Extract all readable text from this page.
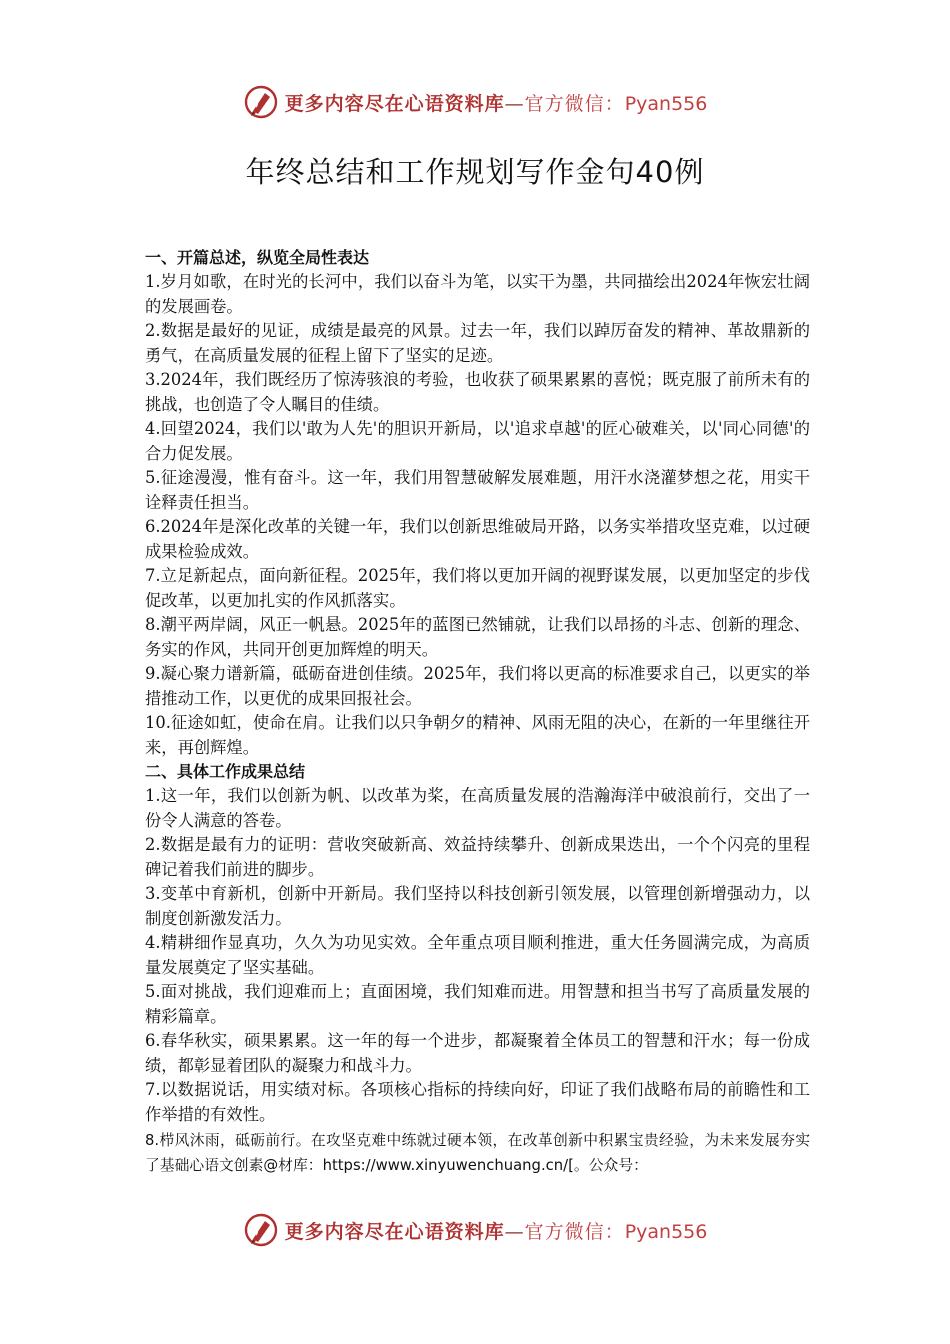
更多内容尽在心语资料库—官方微信：Pyan556
年终总结和工作规划写作金句40例

一、开篇总述，纵览全局性表达

1.岁月如歌，在时光的长河中，我们以奋斗为笔，以实干为墨，共同描绘出2024年恢宏壮阔的发展画卷。

2.数据是最好的见证，成绩是最亮的风景。过去一年，我们以踔厉奋发的精神、革故鼎新的勇气，在高质量发展的征程上留下了坚实的足迹。

3.2024年，我们既经历了惊涛骇浪的考验，也收获了硕果累累的喜悦；既克服了前所未有的挑战，也创造了令人瞩目的佳绩。

4.回望2024，我们以'敢为人先'的胆识开新局，以'追求卓越'的匠心破难关，以'同心同德'的合力促发展。

5.征途漫漫，惟有奋斗。这一年，我们用智慧破解发展难题，用汗水浇灌梦想之花，用实干诠释责任担当。

6.2024年是深化改革的关键一年，我们以创新思维破局开路，以务实举措攻坚克难，以过硬成果检验成效。

7.立足新起点，面向新征程。2025年，我们将以更加开阔的视野谋发展，以更加坚定的步伐促改革，以更加扎实的作风抓落实。

8.潮平两岸阔，风正一帆悬。2025年的蓝图已然铺就，让我们以昂扬的斗志、创新的理念、务实的作风，共同开创更加辉煌的明天。

9.凝心聚力谱新篇，砥砺奋进创佳绩。2025年，我们将以更高的标准要求自己，以更实的举措推动工作，以更优的成果回报社会。

10.征途如虹，使命在肩。让我们以只争朝夕的精神、风雨无阻的决心，在新的一年里继往开来，再创辉煌。

二、具体工作成果总结

1.这一年，我们以创新为帆、以改革为桨，在高质量发展的浩瀚海洋中破浪前行，交出了一份令人满意的答卷。

2.数据是最有力的证明：营收突破新高、效益持续攀升、创新成果迭出，一个个闪亮的里程碑记着我们前进的脚步。

3.变革中育新机，创新中开新局。我们坚持以科技创新引领发展，以管理创新增强动力，以制度创新激发活力。

4.精耕细作显真功，久久为功见实效。全年重点项目顺利推进，重大任务圆满完成，为高质量发展奠定了坚实基础。

5.面对挑战，我们迎难而上；直面困境，我们知难而进。用智慧和担当书写了高质量发展的精彩篇章。

6.春华秋实，硕果累累。这一年的每一个进步，都凝聚着全体员工的智慧和汗水；每一份成绩，都彰显着团队的凝聚力和战斗力。

7.以数据说话，用实绩对标。各项核心指标的持续向好，印证了我们战略布局的前瞻性和工作举措的有效性。

8.栉风沐雨，砥砺前行。在攻坚克难中练就过硬本领，在改革创新中积累宝贵经验，为未来发展夯实了基础心语文创素@材库：https://www.xinyuwenchuang.cn/[。公众号：

更多内容尽在心语资料库—官方微信：Pyan556
